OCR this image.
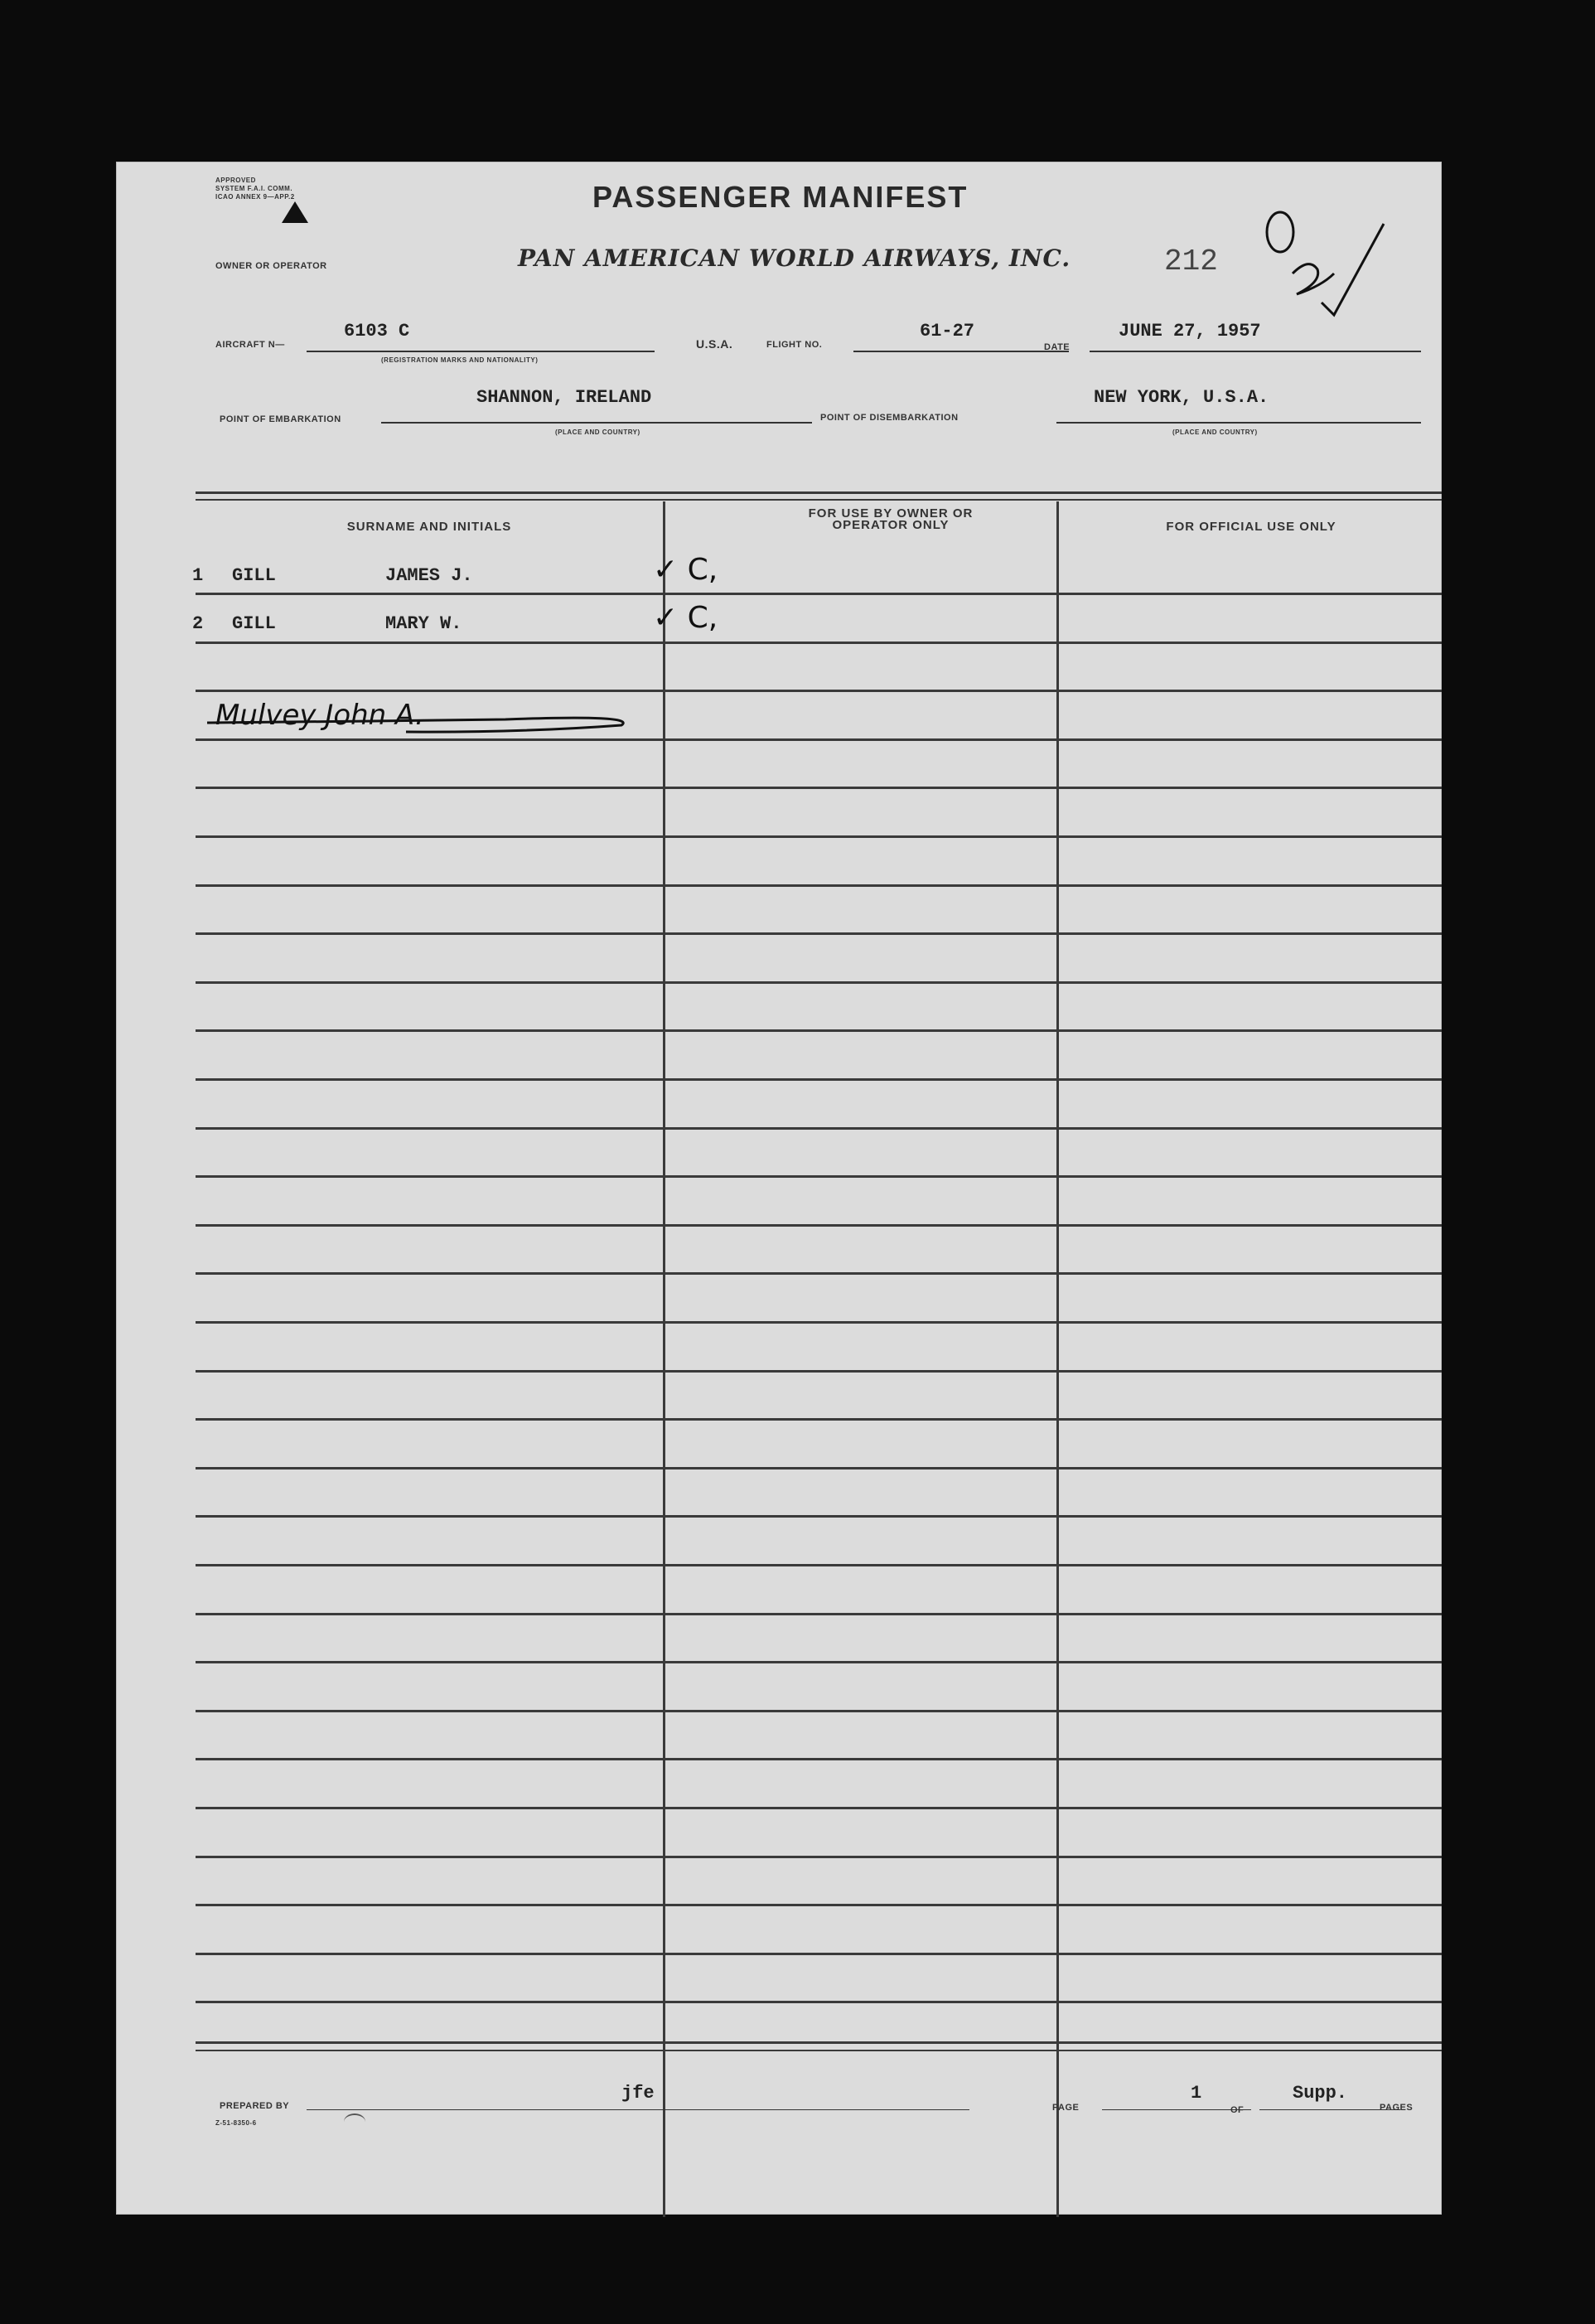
APPROVED
SYSTEM F.A.I. COMM.
ICAO ANNEX 9—APP.2	PASSENGER MANIFEST
OWNER OR OPERATOR	PAN AMERICAN WORLD AIRWAYS, INC.	212
AIRCRAFT N—
6103 C
(REGISTRATION MARKS AND NATIONALITY)
U.S.A.	FLIGHT NO.
61-27
DATE
JUNE 27, 1957
SHANNON, IRELAND
POINT OF EMBARKATION
(PLACE AND COUNTRY)
POINT OF DISEMBARKATION
NEW YORK, U.S.A.
(PLACE AND COUNTRY)
SURNAME AND INITIALS
FOR USE BY OWNER OR OPERATOR ONLY	FOR OFFICIAL USE ONLY
1 GILL	JAMES J.	✓ C,
2 GILL	MARY W.	✓ C,
Mulvey John A.
PREPARED BY
jfe
Z-51-8350-6
PAGE
1
OF
Supp.
PAGES
